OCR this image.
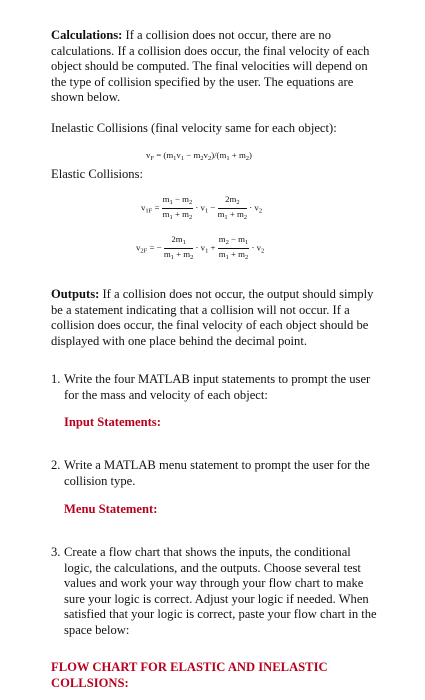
Calculations: If a collision does not occur, there are no calculations. If a collision does occur, the final velocity of each object should be computed. The final velocities will depend on the type of collision specified by the user. The equations are shown below.
Inelastic Collisions (final velocity same for each object):
$v_F = (m_1v_1 - m_2v_2)/(m_1 + m_2)$
Elastic Collisions:
$v_{1F} = \frac{m_1 - m_2}{m_1 + m_2} \cdot v_1 - \frac{2m_2}{m_1 + m_2} \cdot v_2$
$v_{2F}$ = − $\frac{2m_1}{m_1 + m_2} \cdot v_1 + \frac{m_2 - m_1}{m_1 + m_2} \cdot v_2$
Outputs: If a collision does not occur, the output should simply be a statement indicating that a collision will not occur. If a collision does occur, the final velocity of each object should be displayed with one place behind the decimal point.
1. Write the four MATLAB input statements to prompt the user for the mass and velocity of each object:
Input Statements:
2. Write a MATLAB menu statement to prompt the user for the collision type.
Menu Statement:
3. Create a flow chart that shows the inputs, the conditional logic, the calculations, and the outputs. Choose several test values and work your way through your flow chart to make sure your logic is correct. Adjust your logic if needed. When satisfied that your logic is correct, paste your flow chart in the space below:
FLOW CHART FOR ELASTIC AND INELASTIC COLLSIONS:
